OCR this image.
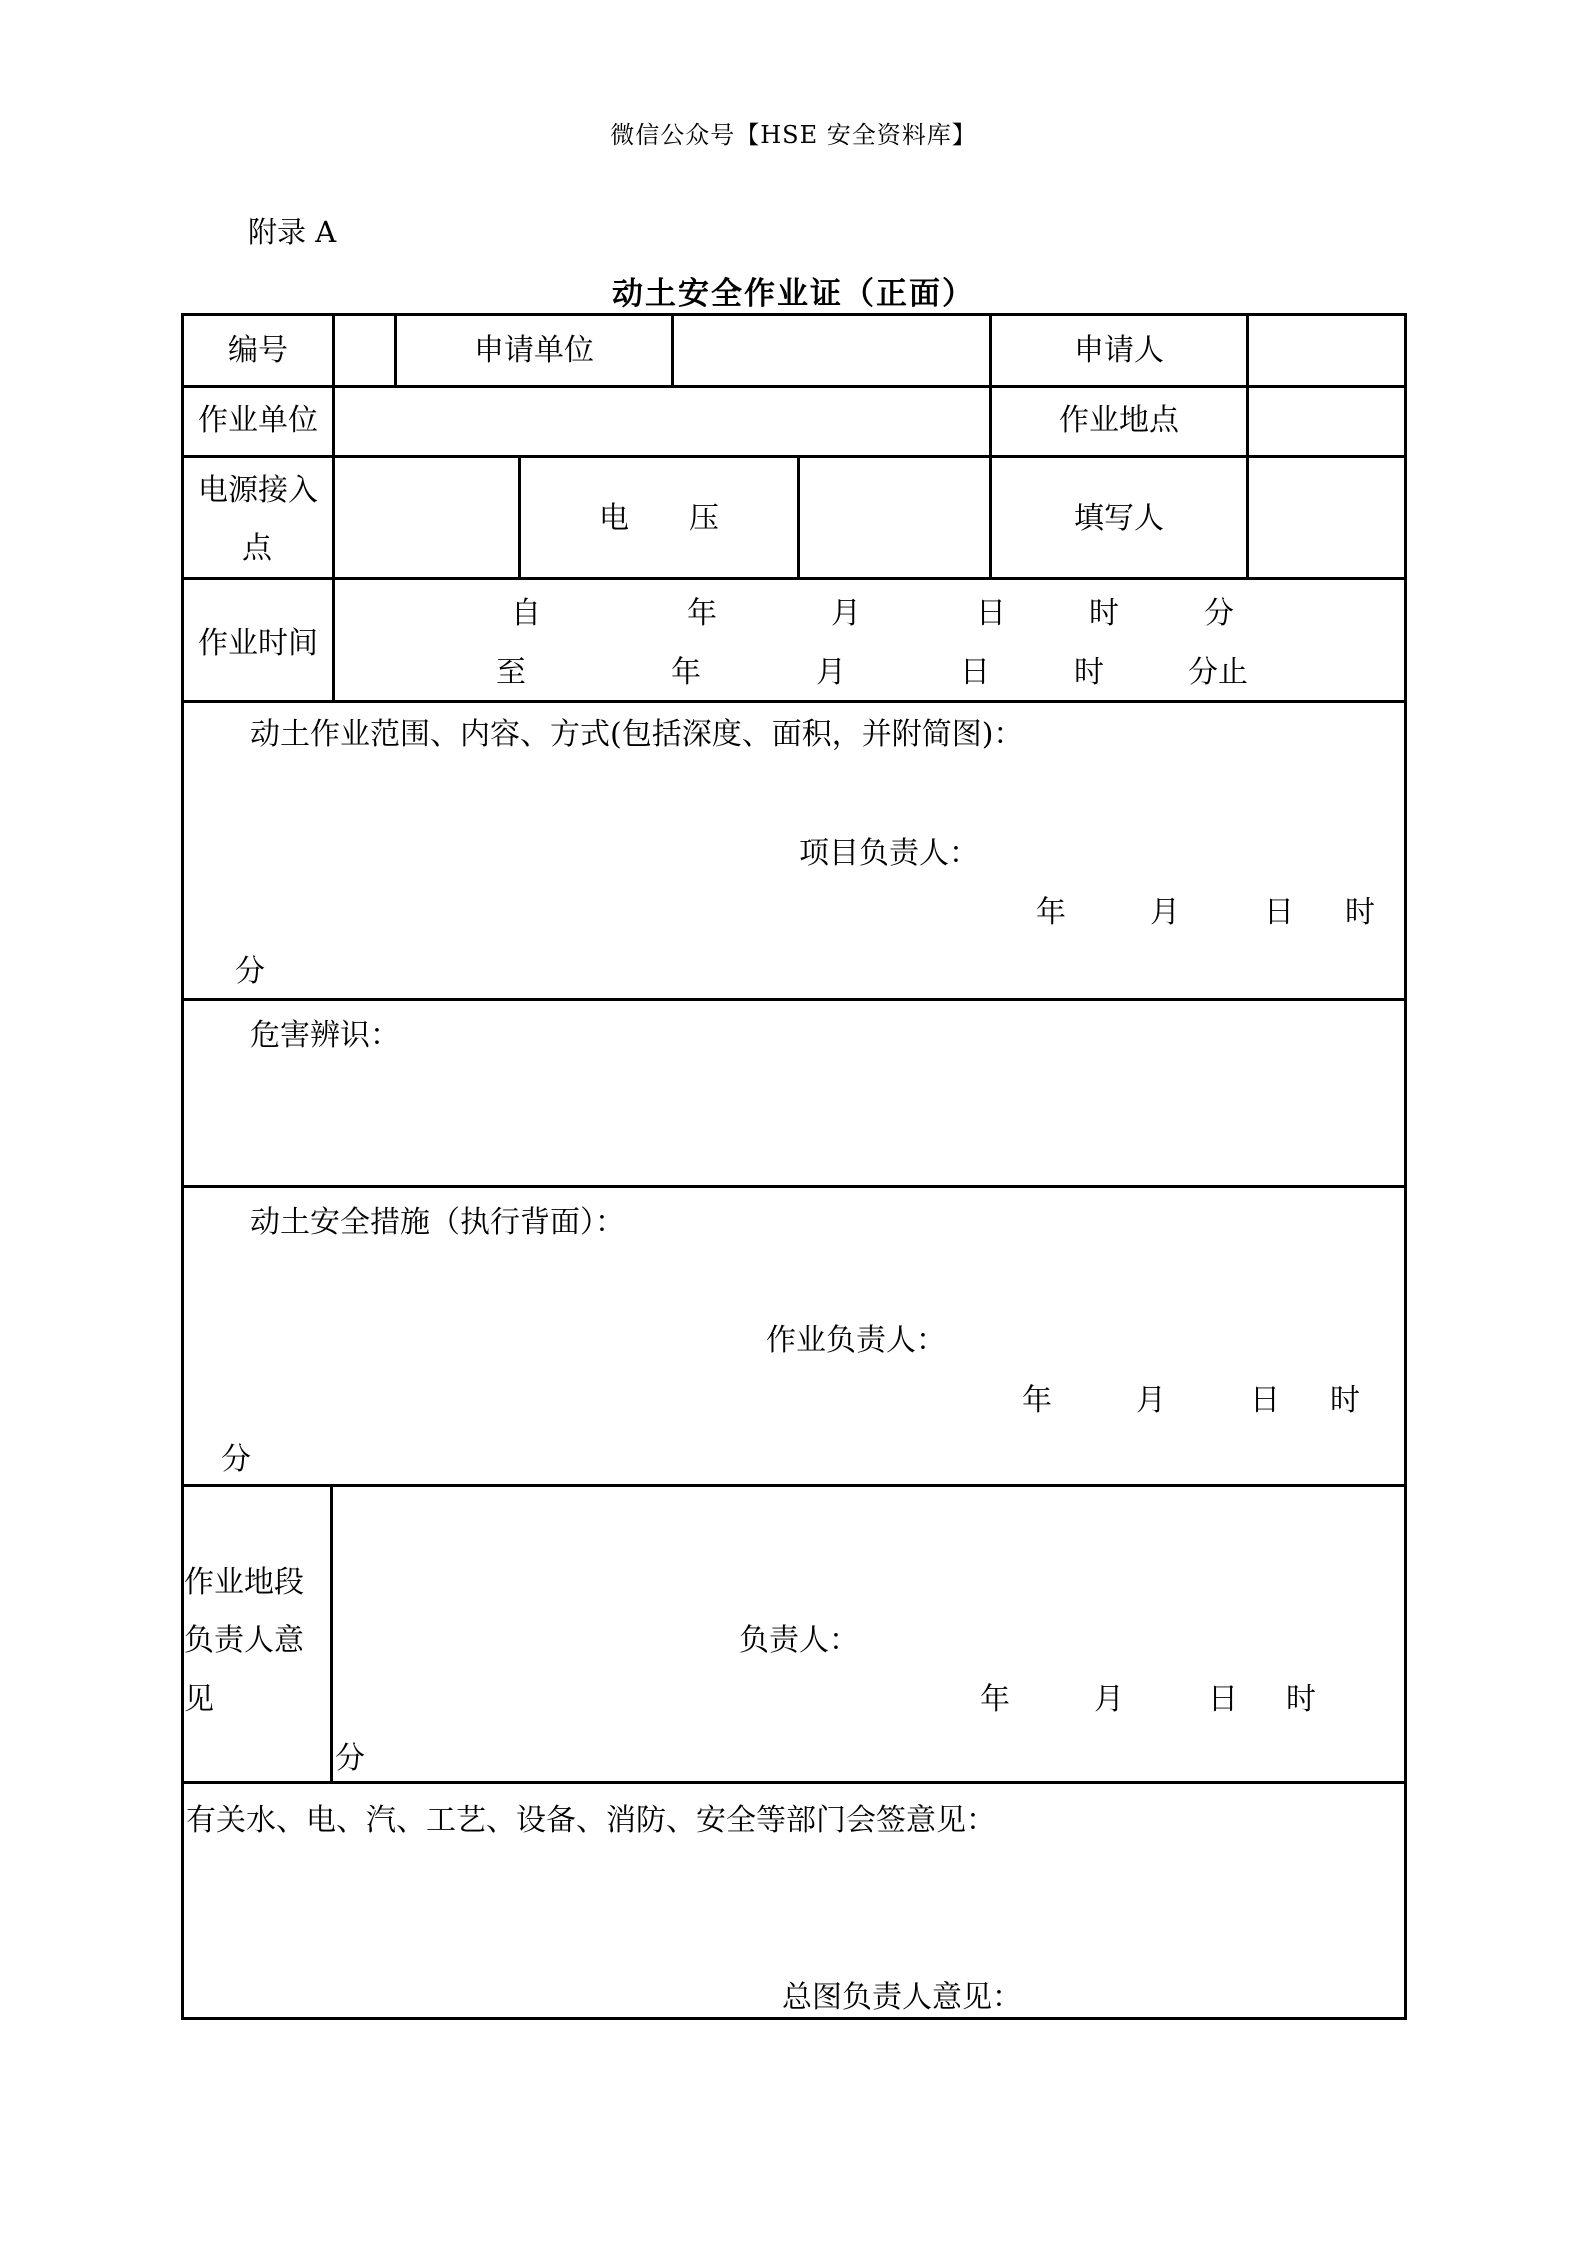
微信公众号【HSE 安全资料库】
附录 A
动土安全作业证（正面）
编号	申请单位	申请人
作业单位	作业地点
电源接入
点
电　　压	填写人
作业时间
自	年	月	日	时	分
至	年	月	日	时	分止
动土作业范围、内容、方式(包括深度、面积，并附简图)：
项目负责人：
年	月	日 时
分
危害辨识：
动土安全措施（执行背面）：
作业负责人：
年	月	日 时
分
作业地段
负责人意
见
负责人：
年	月	日 时
分
有关水、电、汽、工艺、设备、消防、安全等部门会签意见：
总图负责人意见：
